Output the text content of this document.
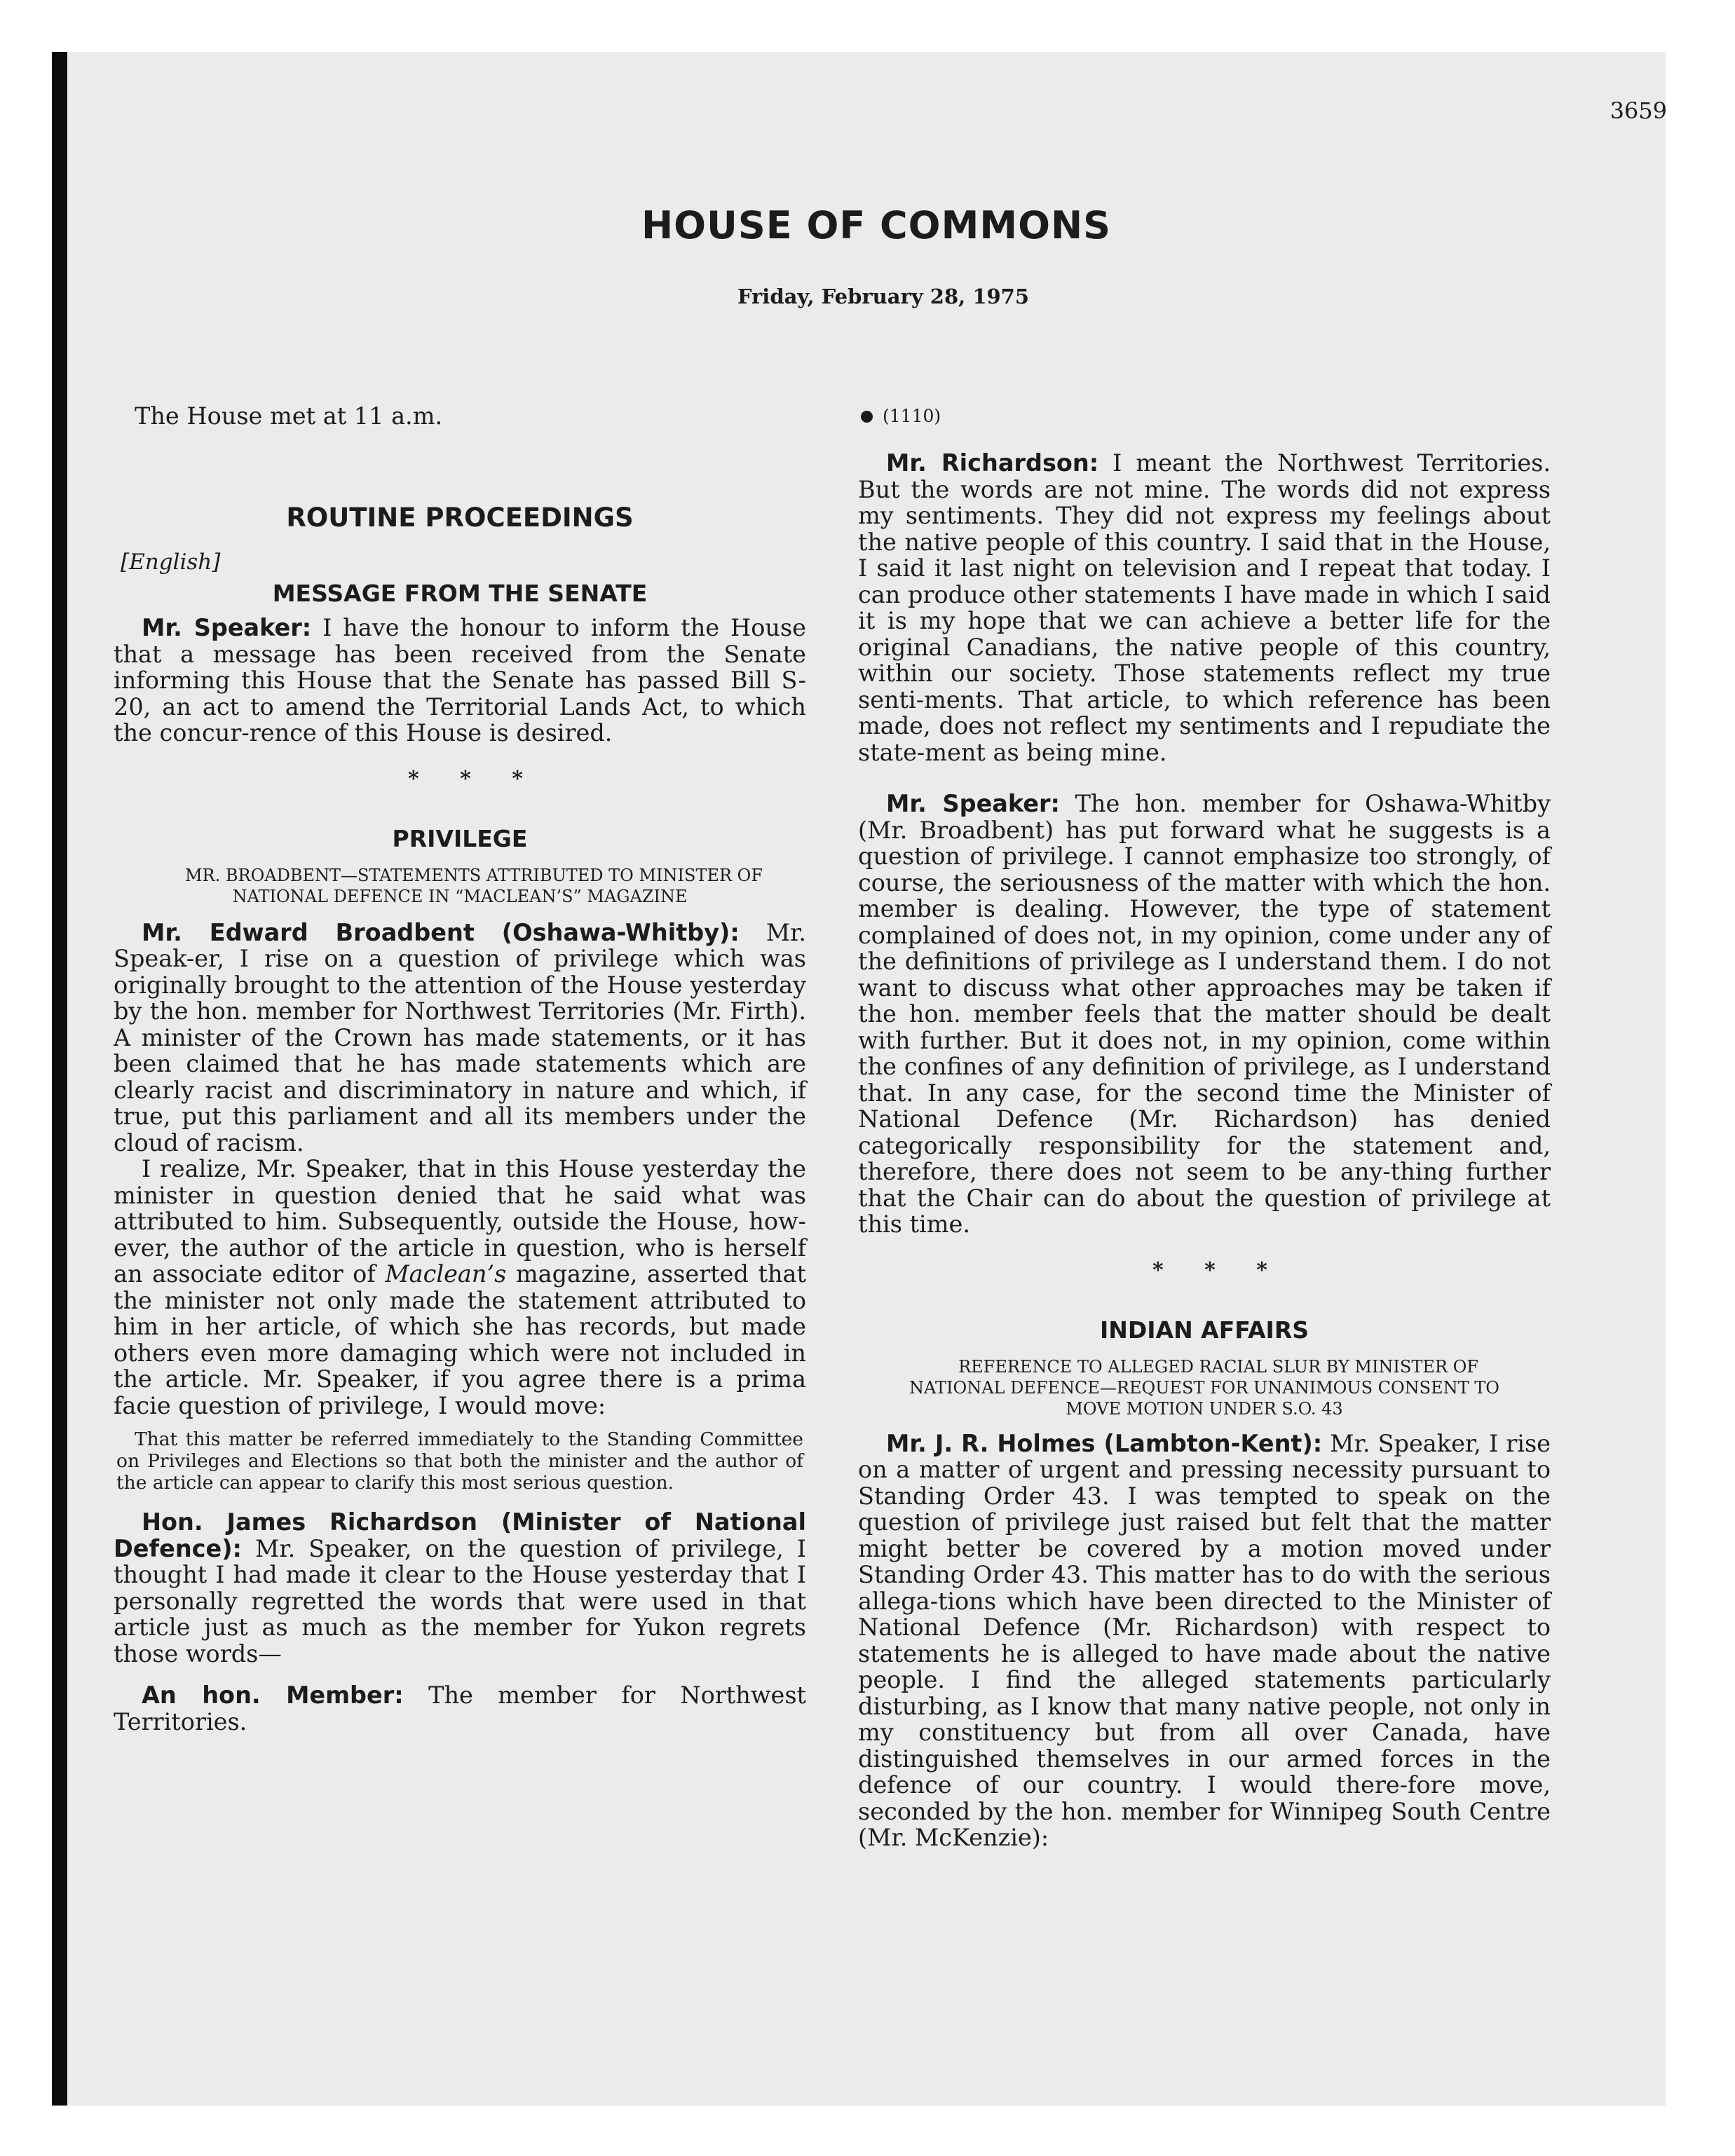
3659
HOUSE OF COMMONS
Friday, February 28, 1975

The House met at 11 a.m.

ROUTINE PROCEEDINGS

[English]

MESSAGE FROM THE SENATE

Mr. Speaker: I have the honour to inform the House that a message has been received from the Senate informing this House that the Senate has passed Bill S-20, an act to amend the Territorial Lands Act, to which the concur-rence of this House is desired.

* * *

PRIVILEGE

MR. BROADBENT—STATEMENTS ATTRIBUTED TO MINISTER OF NATIONAL DEFENCE IN “MACLEAN’S” MAGAZINE

Mr. Edward Broadbent (Oshawa-Whitby): Mr. Speak-er, I rise on a question of privilege which was originally brought to the attention of the House yesterday by the hon. member for Northwest Territories (Mr. Firth). A minister of the Crown has made statements, or it has been claimed that he has made statements which are clearly racist and discriminatory in nature and which, if true, put this parliament and all its members under the cloud of racism.

I realize, Mr. Speaker, that in this House yesterday the minister in question denied that he said what was attributed to him. Subsequently, outside the House, how-ever, the author of the article in question, who is herself an associate editor of Maclean’s magazine, asserted that the minister not only made the statement attributed to him in her article, of which she has records, but made others even more damaging which were not included in the article. Mr. Speaker, if you agree there is a prima facie question of privilege, I would move:

That this matter be referred immediately to the Standing Committee on Privileges and Elections so that both the minister and the author of the article can appear to clarify this most serious question.

Hon. James Richardson (Minister of National Defence): Mr. Speaker, on the question of privilege, I thought I had made it clear to the House yesterday that I personally regretted the words that were used in that article just as much as the member for Yukon regrets those words—

An hon. Member: The member for Northwest Territories.

(1110)

Mr. Richardson: I meant the Northwest Territories. But the words are not mine. The words did not express my sentiments. They did not express my feelings about the native people of this country. I said that in the House, I said it last night on television and I repeat that today. I can produce other statements I have made in which I said it is my hope that we can achieve a better life for the original Canadians, the native people of this country, within our society. Those statements reflect my true senti-ments. That article, to which reference has been made, does not reflect my sentiments and I repudiate the state-ment as being mine.

Mr. Speaker: The hon. member for Oshawa-Whitby (Mr. Broadbent) has put forward what he suggests is a question of privilege. I cannot emphasize too strongly, of course, the seriousness of the matter with which the hon. member is dealing. However, the type of statement complained of does not, in my opinion, come under any of the definitions of privilege as I understand them. I do not want to discuss what other approaches may be taken if the hon. member feels that the matter should be dealt with further. But it does not, in my opinion, come within the confines of any definition of privilege, as I understand that. In any case, for the second time the Minister of National Defence (Mr. Richardson) has denied categorically responsibility for the statement and, therefore, there does not seem to be any-thing further that the Chair can do about the question of privilege at this time.

* * *

INDIAN AFFAIRS

REFERENCE TO ALLEGED RACIAL SLUR BY MINISTER OF NATIONAL DEFENCE—REQUEST FOR UNANIMOUS CONSENT TO MOVE MOTION UNDER S.O. 43

Mr. J. R. Holmes (Lambton-Kent): Mr. Speaker, I rise on a matter of urgent and pressing necessity pursuant to Standing Order 43. I was tempted to speak on the question of privilege just raised but felt that the matter might better be covered by a motion moved under Standing Order 43. This matter has to do with the serious allega-tions which have been directed to the Minister of National Defence (Mr. Richardson) with respect to statements he is alleged to have made about the native people. I find the alleged statements particularly disturbing, as I know that many native people, not only in my constituency but from all over Canada, have distinguished themselves in our armed forces in the defence of our country. I would there-fore move, seconded by the hon. member for Winnipeg South Centre (Mr. McKenzie):
